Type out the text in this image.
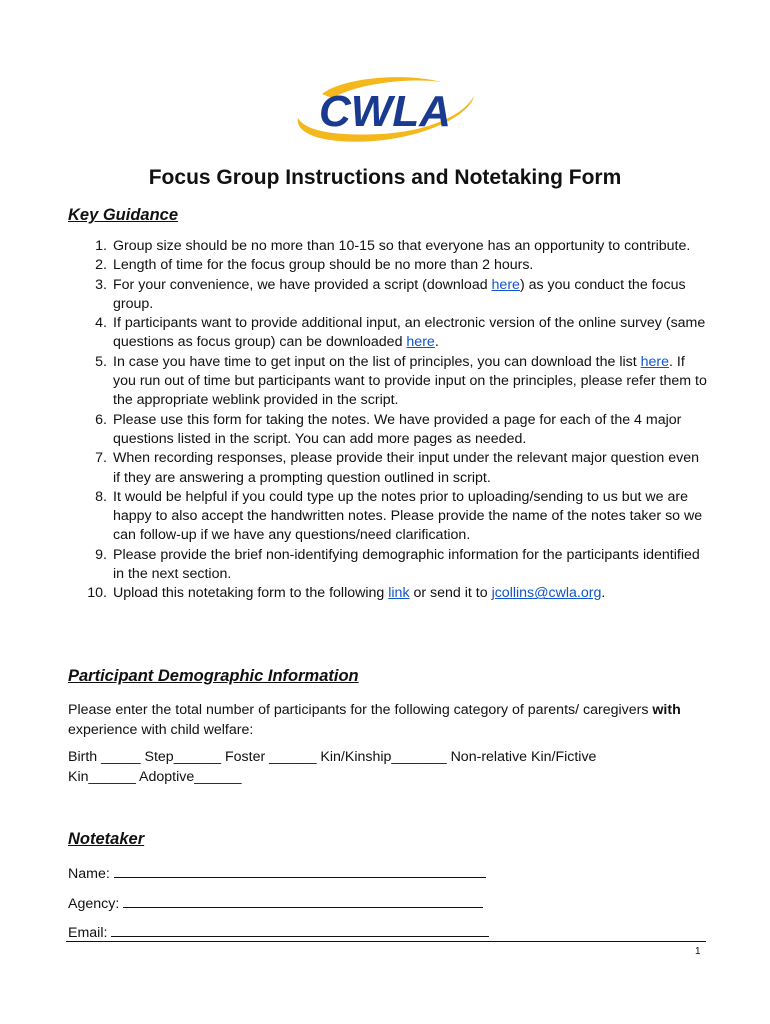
CWLA
Focus Group Instructions and Notetaking Form
Key Guidance
1. Group size should be no more than 10-15 so that everyone has an opportunity to contribute.
2. Length of time for the focus group should be no more than 2 hours.
3. For your convenience, we have provided a script (download here) as you conduct the focus group.
4. If participants want to provide additional input, an electronic version of the online survey (same questions as focus group) can be downloaded here.
5. In case you have time to get input on the list of principles, you can download the list here. If you run out of time but participants want to provide input on the principles, please refer them to the appropriate weblink provided in the script.
6. Please use this form for taking the notes. We have provided a page for each of the 4 major questions listed in the script. You can add more pages as needed.
7. When recording responses, please provide their input under the relevant major question even if they are answering a prompting question outlined in script.
8. It would be helpful if you could type up the notes prior to uploading/sending to us but we are happy to also accept the handwritten notes. Please provide the name of the notes taker so we can follow-up if we have any questions/need clarification.
9. Please provide the brief non-identifying demographic information for the participants identified in the next section.
10. Upload this notetaking form to the following link or send it to jcollins@cwla.org.
Participant Demographic Information
Please enter the total number of participants for the following category of parents/ caregivers with experience with child welfare:
Birth _____ Step______ Foster ______ Kin/Kinship_______ Non-relative Kin/Fictive
Kin______ Adoptive______
Notetaker
Name:
Agency:
Email:
1
